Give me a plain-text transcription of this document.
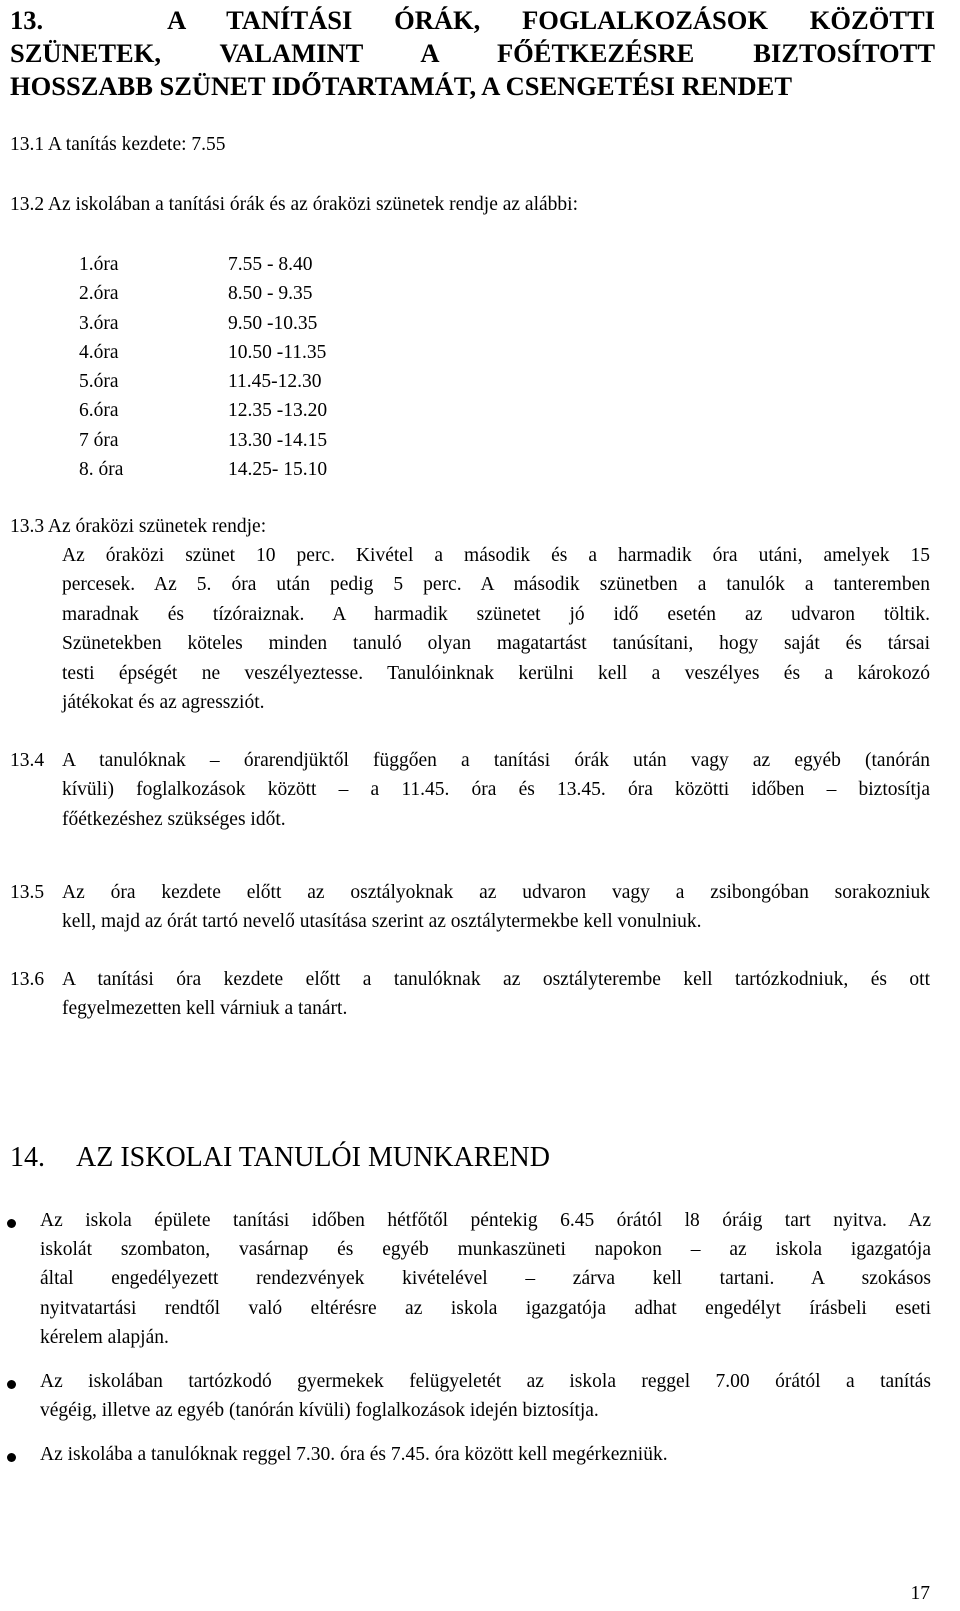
13.   A TANÍTÁSI ÓRÁK, FOGLALKOZÁSOK KÖZÖTTI
SZÜNETEK, VALAMINT A FŐÉTKEZÉSRE BIZTOSÍTOTT
HOSSZABB SZÜNET IDŐTARTAMÁT, A CSENGETÉSI RENDET
13.1 A tanítás kezdete: 7.55
13.2 Az iskolában a tanítási órák és az óraközi szünetek rendje az alábbi:
1.óra	7.55 - 8.40
2.óra	8.50 - 9.35
3.óra	9.50 -10.35
4.óra	10.50 -11.35
5.óra	11.45-12.30
6.óra	12.35 -13.20
7 óra	13.30 -14.15
8. óra	14.25- 15.10
13.3 Az óraközi szünetek rendje:
Az óraközi szünet 10 perc. Kivétel a második és a harmadik óra utáni, amelyek 15
percesek. Az 5. óra után pedig 5 perc. A második szünetben a tanulók a tanteremben
maradnak és tízóraiznak. A harmadik szünetet jó idő esetén az udvaron töltik.
Szünetekben köteles minden tanuló olyan magatartást tanúsítani, hogy saját és társai
testi épségét ne veszélyeztesse. Tanulóinknak kerülni kell a veszélyes és a károkozó
játékokat és az agressziót.
13.4 A tanulóknak – órarendjüktől függően a tanítási órák után vagy az egyéb (tanórán
kívüli) foglalkozások között – a 11.45. óra és 13.45. óra közötti időben – biztosítja
főétkezéshez szükséges időt.
13.5 Az óra kezdete előtt az osztályoknak az udvaron vagy a zsibongóban sorakozniuk
kell, majd az órát tartó nevelő utasítása szerint az osztálytermekbe kell vonulniuk.
13.6 A tanítási óra kezdete előtt a tanulóknak az osztályterembe kell tartózkodniuk, és ott
fegyelmezetten kell várniuk a tanárt.
14. AZ ISKOLAI TANULÓI MUNKAREND
Az iskola épülete tanítási időben hétfőtől péntekig 6.45 órától l8 óráig tart nyitva. Az
iskolát szombaton, vasárnap és egyéb munkaszüneti napokon – az iskola igazgatója
által engedélyezett rendezvények kivételével – zárva kell tartani. A szokásos
nyitvatartási rendtől való eltérésre az iskola igazgatója adhat engedélyt írásbeli eseti
kérelem alapján.
Az iskolában tartózkodó gyermekek felügyeletét az iskola reggel 7.00 órától a tanítás
végéig, illetve az egyéb (tanórán kívüli) foglalkozások idején biztosítja.
Az iskolába a tanulóknak reggel 7.30. óra és 7.45. óra között kell megérkezniük.
17
